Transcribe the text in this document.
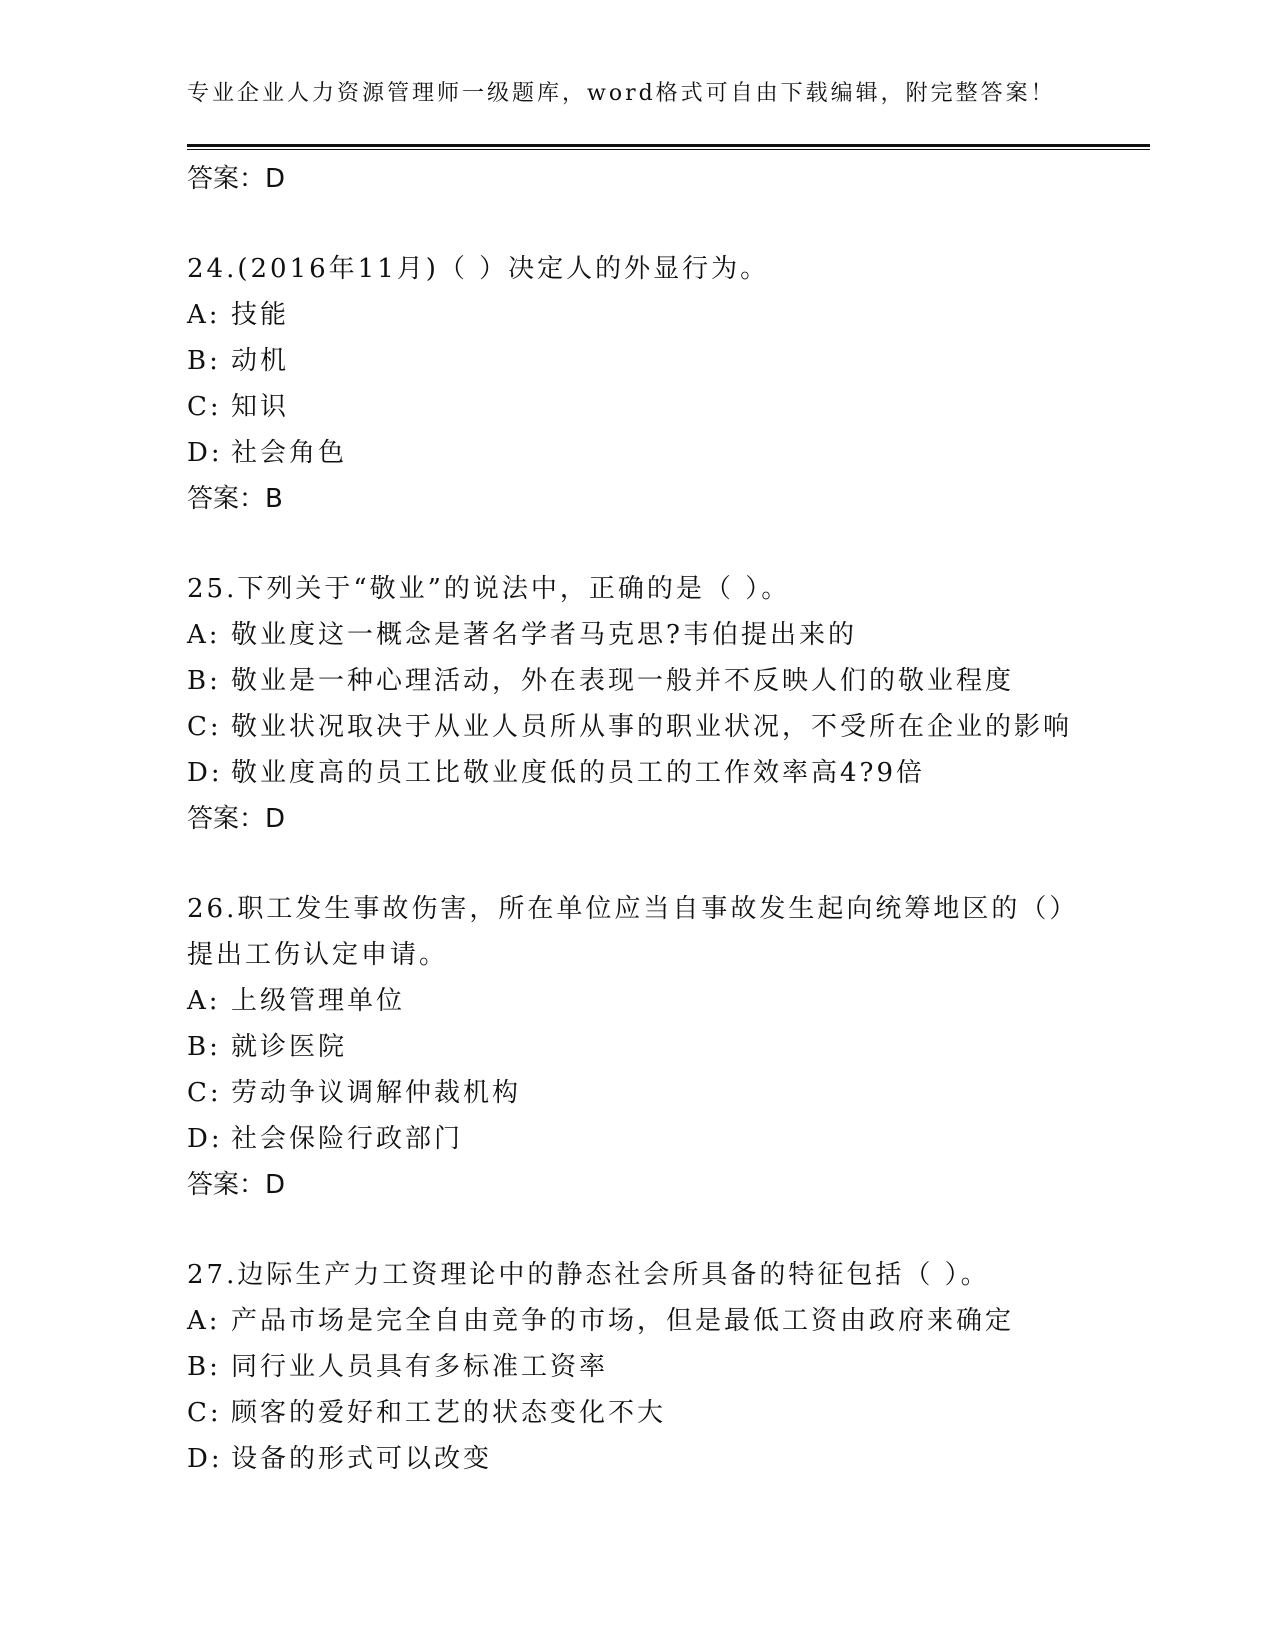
专业企业人力资源管理师一级题库，word格式可自由下载编辑，附完整答案！
答案：D
24.(2016年11月)（ ）决定人的外显行为。
A: 技能
B: 动机
C: 知识
D: 社会角色
答案：B
25.下列关于“敬业”的说法中，正确的是（ ）。
A: 敬业度这一概念是著名学者马克思?韦伯提出来的
B: 敬业是一种心理活动，外在表现一般并不反映人们的敬业程度
C: 敬业状况取决于从业人员所从事的职业状况，不受所在企业的影响
D: 敬业度高的员工比敬业度低的员工的工作效率高4?9倍
答案：D
26.职工发生事故伤害，所在单位应当自事故发生起向统筹地区的（）
提出工伤认定申请。
A: 上级管理单位
B: 就诊医院
C: 劳动争议调解仲裁机构
D: 社会保险行政部门
答案：D
27.边际生产力工资理论中的静态社会所具备的特征包括（ ）。
A: 产品市场是完全自由竞争的市场，但是最低工资由政府来确定
B: 同行业人员具有多标准工资率
C: 顾客的爱好和工艺的状态变化不大
D: 设备的形式可以改变
